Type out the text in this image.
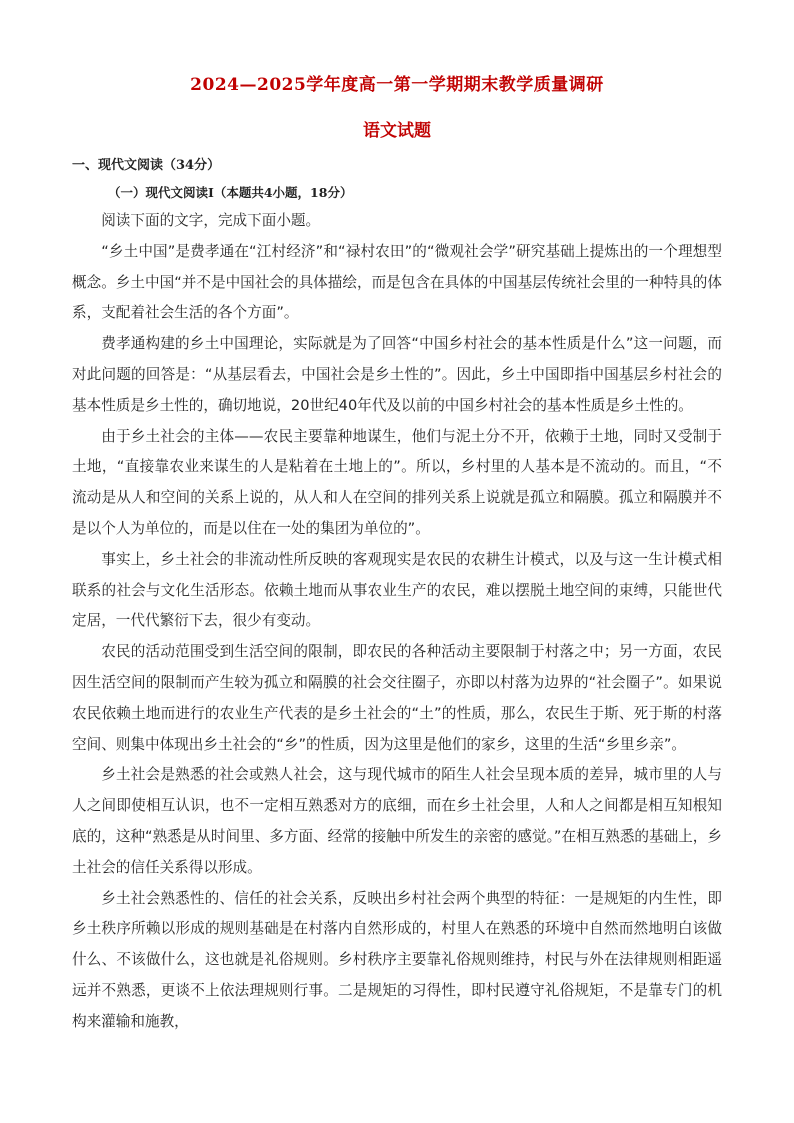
2024—2025学年度高一第一学期期末教学质量调研
语文试题
一、现代文阅读（34分）
（一）现代文阅读Ⅰ（本题共4小题，18分）

阅读下面的文字，完成下面小题。

“乡土中国”是费孝通在“江村经济”和“禄村农田”的“微观社会学”研究基础上提炼出的一个理想型概念。乡土中国“并不是中国社会的具体描绘，而是包含在具体的中国基层传统社会里的一种特具的体系，支配着社会生活的各个方面”。

费孝通构建的乡土中国理论，实际就是为了回答“中国乡村社会的基本性质是什么”这一问题，而对此问题的回答是：“从基层看去，中国社会是乡土性的”。因此，乡土中国即指中国基层乡村社会的基本性质是乡土性的，确切地说，20世纪40年代及以前的中国乡村社会的基本性质是乡土性的。

由于乡土社会的主体——农民主要靠种地谋生，他们与泥土分不开，依赖于土地，同时又受制于土地，“直接靠农业来谋生的人是粘着在土地上的”。所以，乡村里的人基本是不流动的。而且，“不流动是从人和空间的关系上说的，从人和人在空间的排列关系上说就是孤立和隔膜。孤立和隔膜并不是以个人为单位的，而是以住在一处的集团为单位的”。

事实上，乡土社会的非流动性所反映的客观现实是农民的农耕生计模式，以及与这一生计模式相联系的社会与文化生活形态。依赖土地而从事农业生产的农民，难以摆脱土地空间的束缚，只能世代定居，一代代繁衍下去，很少有变动。

农民的活动范围受到生活空间的限制，即农民的各种活动主要限制于村落之中；另一方面，农民因生活空间的限制而产生较为孤立和隔膜的社会交往圈子，亦即以村落为边界的“社会圈子”。如果说农民依赖土地而进行的农业生产代表的是乡土社会的“土”的性质，那么，农民生于斯、死于斯的村落空间、则集中体现出乡土社会的“乡”的性质，因为这里是他们的家乡，这里的生活“乡里乡亲”。

乡土社会是熟悉的社会或熟人社会，这与现代城市的陌生人社会呈现本质的差异，城市里的人与人之间即使相互认识，也不一定相互熟悉对方的底细，而在乡土社会里，人和人之间都是相互知根知底的，这种“熟悉是从时间里、多方面、经常的接触中所发生的亲密的感觉。”在相互熟悉的基础上，乡土社会的信任关系得以形成。

乡土社会熟悉性的、信任的社会关系，反映出乡村社会两个典型的特征：一是规矩的内生性，即乡土秩序所赖以形成的规则基础是在村落内自然形成的，村里人在熟悉的环境中自然而然地明白该做什么、不该做什么，这也就是礼俗规则。乡村秩序主要靠礼俗规则维持，村民与外在法律规则相距遥远并不熟悉，更谈不上依法理规则行事。二是规矩的习得性，即村民遵守礼俗规矩，不是靠专门的机构来灌输和施教，
